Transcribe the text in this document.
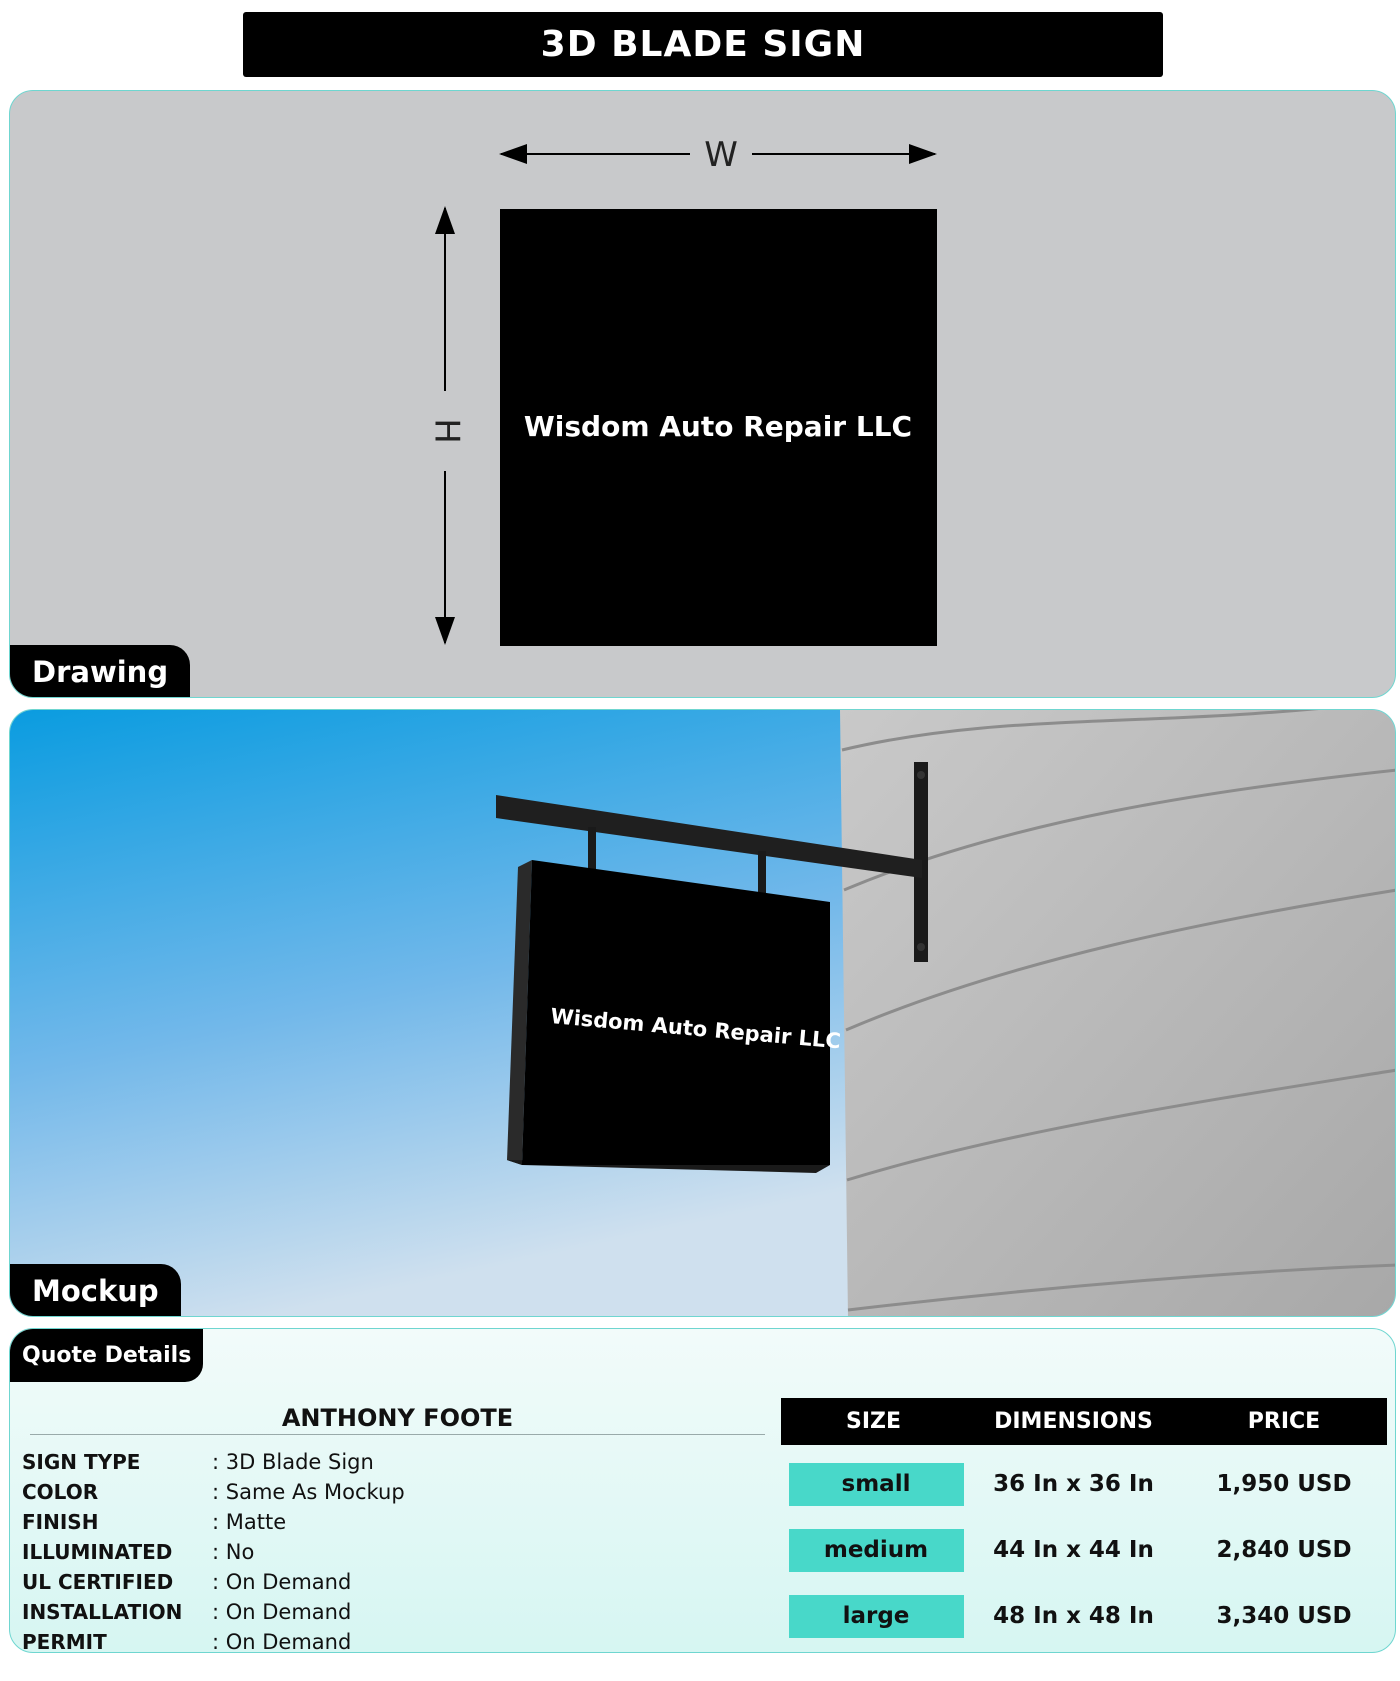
3D BLADE SIGN
W
H Wisdom Auto Repair LLC
Drawing
Wisdom Auto Repair LLC
Mockup
Quote Details
ANTHONY FOOTE
SIGN TYPE	: 3D Blade Sign
COLOR	: Same As Mockup
FINISH	: Matte
ILLUMINATED	: No
UL CERTIFIED	: On Demand
INSTALLATION	: On Demand
PERMIT	: On Demand
SIZE	DIMENSIONS	PRICE
small	36 In x 36 In	1,950 USD
medium	44 In x 44 In	2,840 USD
large	48 In x 48 In	3,340 USD
